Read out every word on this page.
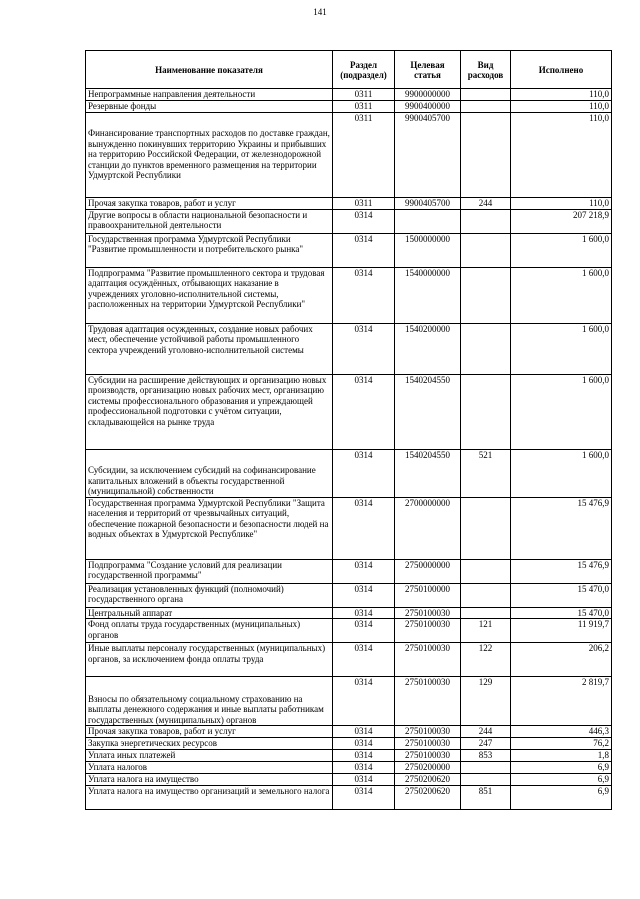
141
Наименование показателя	Раздел (подраздел)	Целевая статья	Вид расходов	Исполнено
Непрограммные направления деятельности	0311	9900000000		110,0
Резервные фонды	0311	9900400000		110,0
Финансирование транспортных расходов по доставке граждан, вынужденно покинувших территорию Украины и прибывших на территорию Российской Федерации, от железнодорожной станции до пунктов временного размещения на территории Удмуртской Республики	0311	9900405700		110,0
Прочая закупка товаров, работ и услуг	0311	9900405700	244	110,0
Другие вопросы в области национальной безопасности и правоохранительной деятельности	0314			207 218,9
Государственная программа Удмуртской Республики "Развитие промышленности и потребительского рынка"	0314	1500000000		1 600,0
Подпрограмма "Развитие промышленного сектора и трудовая адаптация осуждённых, отбывающих наказание в учреждениях уголовно-исполнительной системы, расположенных на территории Удмуртской Республики"	0314	1540000000		1 600,0
Трудовая адаптация осужденных, создание новых рабочих мест, обеспечение устойчивой работы промышленного сектора учреждений уголовно-исполнительной системы	0314	1540200000		1 600,0
Субсидии на расширение действующих и организацию новых производств, организацию новых рабочих мест, организацию системы профессионального образования и упреждающей профессиональной подготовки с учётом ситуации, складывающейся на рынке труда	0314	1540204550		1 600,0
Субсидии, за исключением субсидий на софинансирование капитальных вложений в объекты государственной (муниципальной) собственности	0314	1540204550	521	1 600,0
Государственная программа Удмуртской Республики "Защита населения и территорий от чрезвычайных ситуаций, обеспечение пожарной безопасности и безопасности людей на водных объектах в Удмуртской Республике"	0314	2700000000		15 476,9
Подпрограмма "Создание условий для реализации государственной программы"	0314	2750000000		15 476,9
Реализация установленных функций (полномочий) государственного органа	0314	2750100000		15 470,0
Центральный аппарат	0314	2750100030		15 470,0
Фонд оплаты труда государственных (муниципальных) органов	0314	2750100030	121	11 919,7
Иные выплаты персоналу государственных (муниципальных) органов, за исключением фонда оплаты труда	0314	2750100030	122	206,2
Взносы по обязательному социальному страхованию на выплаты денежного содержания и иные выплаты работникам государственных (муниципальных) органов	0314	2750100030	129	2 819,7
Прочая закупка товаров, работ и услуг	0314	2750100030	244	446,3
Закупка энергетических ресурсов	0314	2750100030	247	76,2
Уплата иных платежей	0314	2750100030	853	1,8
Уплата налогов	0314	2750200000		6,9
Уплата налога на имущество	0314	2750200620		6,9
Уплата налога на имущество организаций и земельного налога	0314	2750200620	851	6,9
